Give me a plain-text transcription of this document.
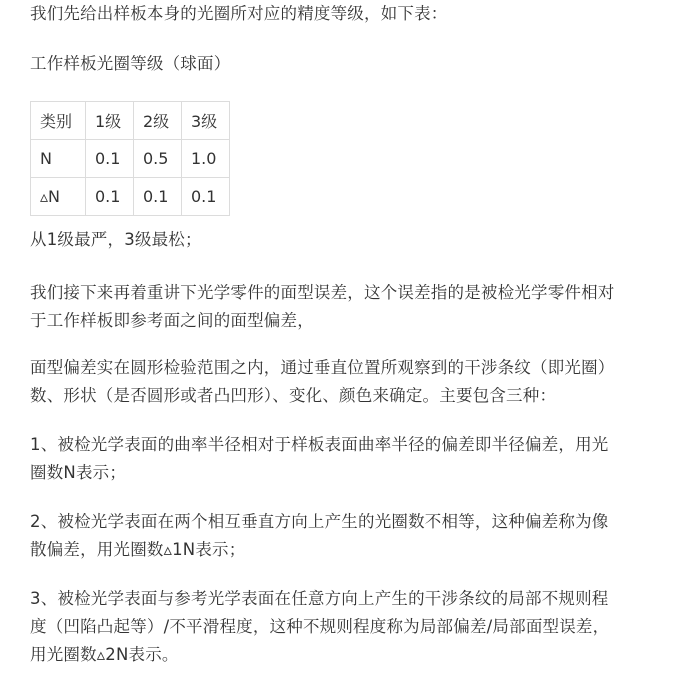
我们先给出样板本身的光圈所对应的精度等级，如下表：

工作样板光圈等级（球面）

类别	1级	2级	3级
N	0.1	0.5	1.0
▵N	0.1	0.1	0.1

从1级最严，3级最松；

我们接下来再着重讲下光学零件的面型误差，这个误差指的是被检光学零件相对于工作样板即参考面之间的面型偏差，

面型偏差实在圆形检验范围之内，通过垂直位置所观察到的干涉条纹（即光圈）数、形状（是否圆形或者凸凹形）、变化、颜色来确定。主要包含三种：

1、被检光学表面的曲率半径相对于样板表面曲率半径的偏差即半径偏差，用光圈数N表示；

2、被检光学表面在两个相互垂直方向上产生的光圈数不相等，这种偏差称为像散偏差，用光圈数▵1N表示；

3、被检光学表面与参考光学表面在任意方向上产生的干涉条纹的局部不规则程度（凹陷凸起等）/不平滑程度，这种不规则程度称为局部偏差/局部面型误差，用光圈数▵2N表示。
